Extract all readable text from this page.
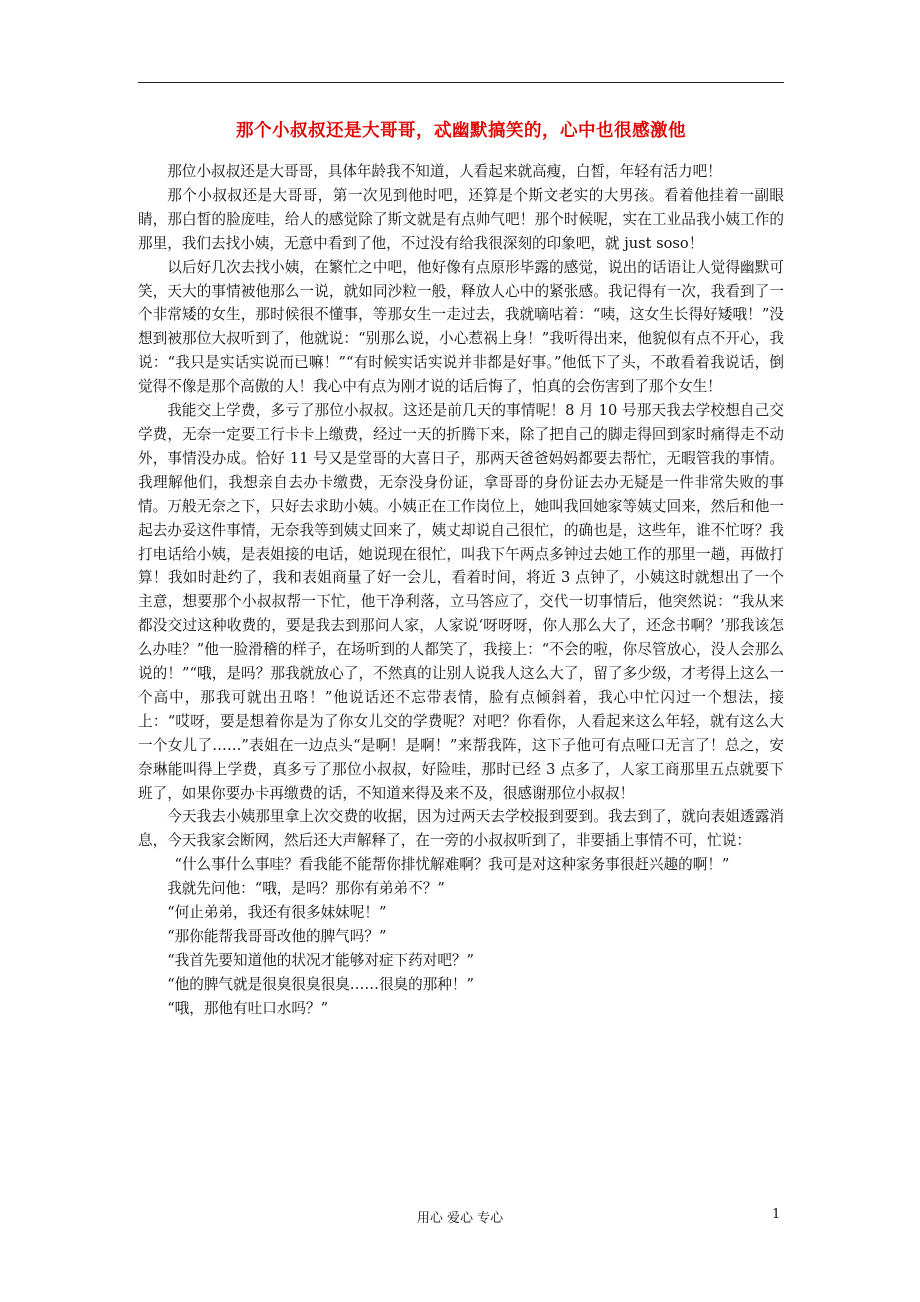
那个小叔叔还是大哥哥，忒幽默搞笑的，心中也很感激他

那位小叔叔还是大哥哥，具体年龄我不知道，人看起来就高瘦，白皙，年轻有活力吧！

那个小叔叔还是大哥哥，第一次见到他时吧，还算是个斯文老实的大男孩。看着他挂着一副眼睛，那白皙的脸庞哇，给人的感觉除了斯文就是有点帅气吧！那个时候呢，实在工业品我小姨工作的那里，我们去找小姨，无意中看到了他，不过没有给我很深刻的印象吧，就 just soso！

以后好几次去找小姨，在繁忙之中吧，他好像有点原形毕露的感觉，说出的话语让人觉得幽默可笑，天大的事情被他那么一说，就如同沙粒一般，释放人心中的紧张感。我记得有一次，我看到了一个非常矮的女生，那时候很不懂事，等那女生一走过去，我就嘀咕着：“咦，这女生长得好矮哦！”没想到被那位大叔听到了，他就说：“别那么说，小心惹祸上身！”我听得出来，他貌似有点不开心，我说：“我只是实话实说而已嘛！”“有时候实话实说并非都是好事。”他低下了头，不敢看着我说话，倒觉得不像是那个高傲的人！我心中有点为刚才说的话后悔了，怕真的会伤害到了那个女生！

我能交上学费，多亏了那位小叔叔。这还是前几天的事情呢！8 月 10 号那天我去学校想自己交学费，无奈一定要工行卡卡上缴费，经过一天的折腾下来，除了把自己的脚走得回到家时痛得走不动外，事情没办成。恰好 11 号又是堂哥的大喜日子，那两天爸爸妈妈都要去帮忙，无暇管我的事情。我理解他们，我想亲自去办卡缴费，无奈没身份证，拿哥哥的身份证去办无疑是一件非常失败的事情。万般无奈之下，只好去求助小姨。小姨正在工作岗位上，她叫我回她家等姨丈回来，然后和他一起去办妥这件事情，无奈我等到姨丈回来了，姨丈却说自己很忙，的确也是，这些年，谁不忙呀？我打电话给小姨，是表姐接的电话，她说现在很忙，叫我下午两点多钟过去她工作的那里一趟，再做打算！我如时赴约了，我和表姐商量了好一会儿，看着时间，将近 3 点钟了，小姨这时就想出了一个主意，想要那个小叔叔帮一下忙，他干净利落，立马答应了，交代一切事情后，他突然说：“我从来都没交过这种收费的，要是我去到那问人家，人家说‘呀呀呀，你人那么大了，还念书啊？’那我该怎么办哇？”他一脸滑稽的样子，在场听到的人都笑了，我接上：“不会的啦，你尽管放心，没人会那么说的！”“哦，是吗？那我就放心了，不然真的让别人说我人这么大了，留了多少级，才考得上这么一个高中，那我可就出丑咯！”他说话还不忘带表情，脸有点倾斜着，我心中忙闪过一个想法，接上：“哎呀，要是想着你是为了你女儿交的学费呢？对吧？你看你，人看起来这么年轻，就有这么大一个女儿了……”表姐在一边点头“是啊！是啊！”来帮我阵，这下子他可有点哑口无言了！总之，安奈琳能叫得上学费，真多亏了那位小叔叔，好险哇，那时已经 3 点多了，人家工商那里五点就要下班了，如果你要办卡再缴费的话，不知道来得及来不及，很感谢那位小叔叔！

今天我去小姨那里拿上次交费的收据，因为过两天去学校报到要到。我去到了，就向表姐透露消息，今天我家会断网，然后还大声解释了，在一旁的小叔叔听到了，非要插上事情不可，忙说：

“什么事什么事哇？看我能不能帮你排忧解难啊？我可是对这种家务事很赶兴趣的啊！”

我就先问他：“哦，是吗？那你有弟弟不？”

“何止弟弟，我还有很多妹妹呢！”

“那你能帮我哥哥改他的脾气吗？”

“我首先要知道他的状况才能够对症下药对吧？”

“他的脾气就是很臭很臭很臭……很臭的那种！”

“哦，那他有吐口水吗？”

用心 爱心 专心	1
